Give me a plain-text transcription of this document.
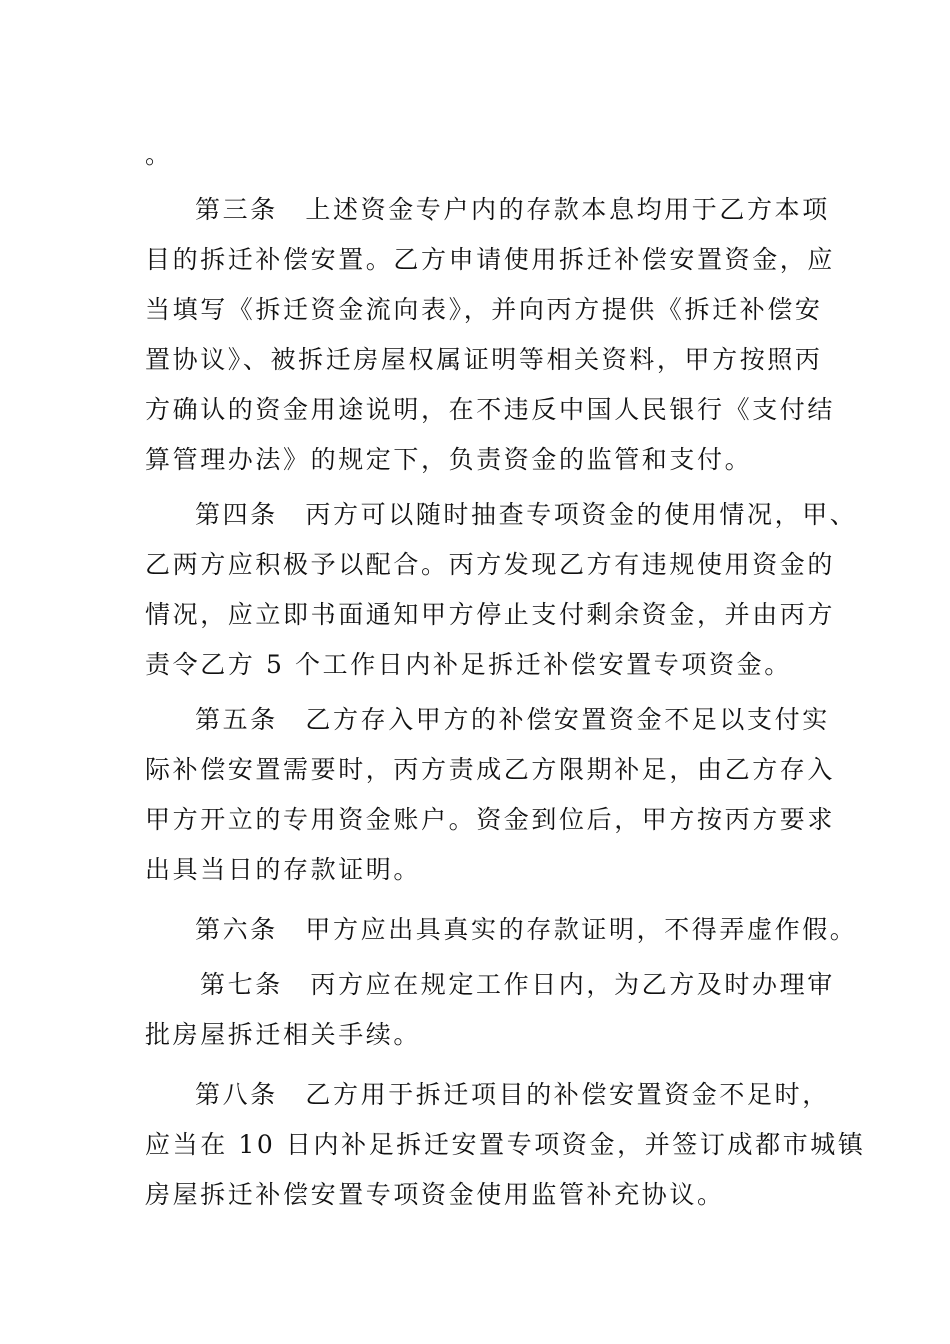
。
第三条　上述资金专户内的存款本息均用于乙方本项
目的拆迁补偿安置。乙方申请使用拆迁补偿安置资金，应
当填写《拆迁资金流向表》，并向丙方提供《拆迁补偿安
置协议》、被拆迁房屋权属证明等相关资料，甲方按照丙
方确认的资金用途说明，在不违反中国人民银行《支付结
算管理办法》的规定下，负责资金的监管和支付。
第四条　丙方可以随时抽查专项资金的使用情况，甲、
乙两方应积极予以配合。丙方发现乙方有违规使用资金的
情况，应立即书面通知甲方停止支付剩余资金，并由丙方
责令乙方 5 个工作日内补足拆迁补偿安置专项资金。
第五条　乙方存入甲方的补偿安置资金不足以支付实
际补偿安置需要时，丙方责成乙方限期补足，由乙方存入
甲方开立的专用资金账户。资金到位后，甲方按丙方要求
出具当日的存款证明。
第六条　甲方应出具真实的存款证明，不得弄虚作假。
第七条　丙方应在规定工作日内，为乙方及时办理审
批房屋拆迁相关手续。
第八条　乙方用于拆迁项目的补偿安置资金不足时，
应当在 10 日内补足拆迁安置专项资金，并签订成都市城镇
房屋拆迁补偿安置专项资金使用监管补充协议。
